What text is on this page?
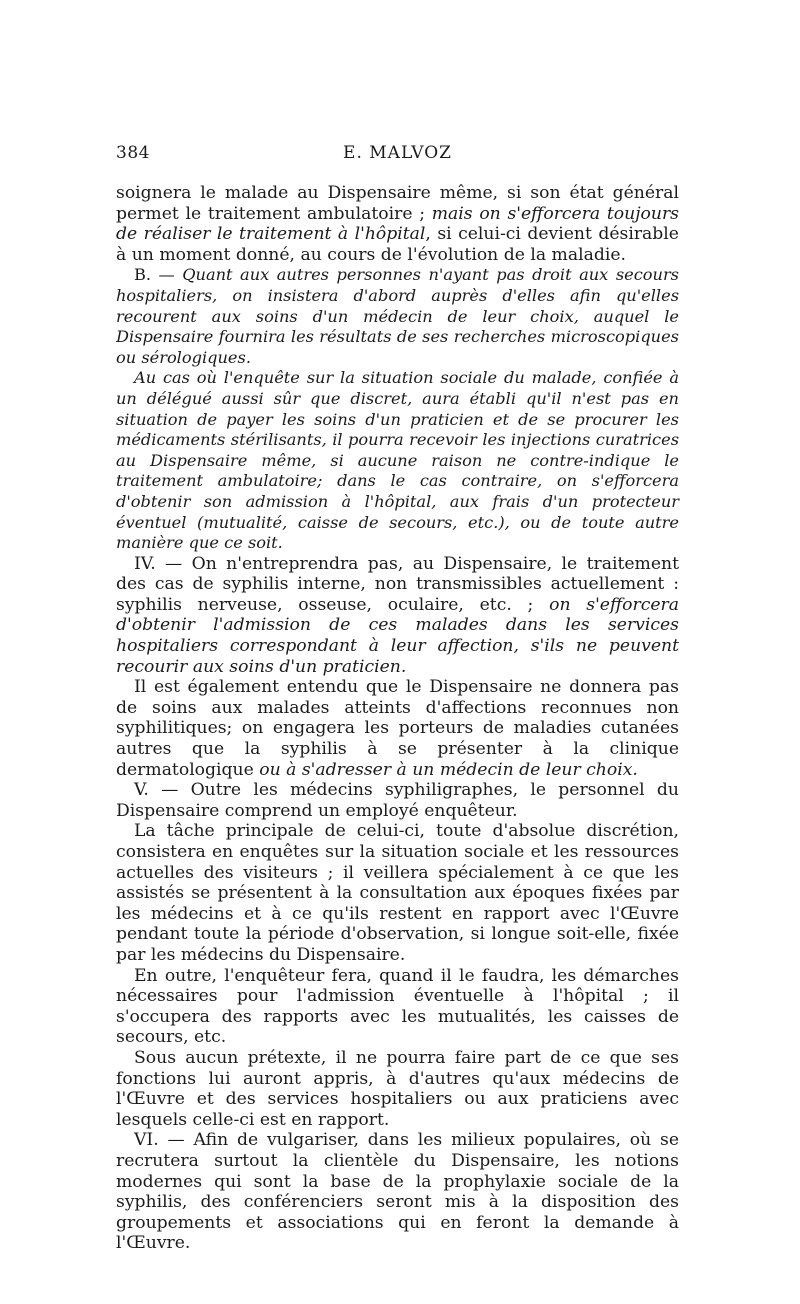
384	E. MALVOZ

soignera le malade au Dispensaire même, si son état général permet le traitement ambulatoire ; mais on s'efforcera toujours de réaliser le traitement à l'hôpital, si celui-ci devient désirable à un moment donné, au cours de l'évolution de la maladie.

B. — Quant aux autres personnes n'ayant pas droit aux secours hospitaliers, on insistera d'abord auprès d'elles afin qu'elles recourent aux soins d'un médecin de leur choix, auquel le Dispensaire fournira les résultats de ses recherches microscopiques ou sérologiques.

Au cas où l'enquête sur la situation sociale du malade, confiée à un délégué aussi sûr que discret, aura établi qu'il n'est pas en situation de payer les soins d'un praticien et de se procurer les médicaments stérilisants, il pourra recevoir les injections curatrices au Dispensaire même, si aucune raison ne contre-indique le traitement ambulatoire; dans le cas contraire, on s'efforcera d'obtenir son admission à l'hôpital, aux frais d'un protecteur éventuel (mutualité, caisse de secours, etc.), ou de toute autre manière que ce soit.

IV. — On n'entreprendra pas, au Dispensaire, le traitement des cas de syphilis interne, non transmissibles actuellement : syphilis nerveuse, osseuse, oculaire, etc. ; on s'efforcera d'obtenir l'admission de ces malades dans les services hospitaliers correspondant à leur affection, s'ils ne peuvent recourir aux soins d'un praticien.

Il est également entendu que le Dispensaire ne donnera pas de soins aux malades atteints d'affections reconnues non syphilitiques; on engagera les porteurs de maladies cutanées autres que la syphilis à se présenter à la clinique dermatologique ou à s'adresser à un médecin de leur choix.

V. — Outre les médecins syphiligraphes, le personnel du Dispensaire comprend un employé enquêteur.

La tâche principale de celui-ci, toute d'absolue discrétion, consistera en enquêtes sur la situation sociale et les ressources actuelles des visiteurs ; il veillera spécialement à ce que les assistés se présentent à la consultation aux époques fixées par les médecins et à ce qu'ils restent en rapport avec l'Œuvre pendant toute la période d'observation, si longue soit-elle, fixée par les médecins du Dispensaire.

En outre, l'enquêteur fera, quand il le faudra, les démarches nécessaires pour l'admission éventuelle à l'hôpital ; il s'occupera des rapports avec les mutualités, les caisses de secours, etc.

Sous aucun prétexte, il ne pourra faire part de ce que ses fonctions lui auront appris, à d'autres qu'aux médecins de l'Œuvre et des services hospitaliers ou aux praticiens avec lesquels celle-ci est en rapport.

VI. — Afin de vulgariser, dans les milieux populaires, où se recrutera surtout la clientèle du Dispensaire, les notions modernes qui sont la base de la prophylaxie sociale de la syphilis, des conférenciers seront mis à la disposition des groupements et associations qui en feront la demande à l'Œuvre.
